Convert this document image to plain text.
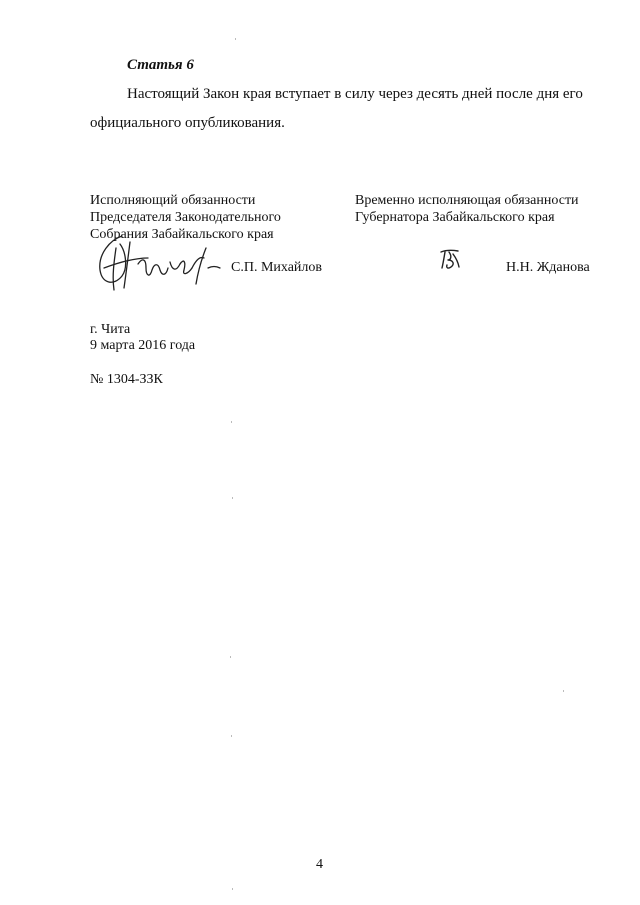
Статья 6
Настоящий Закон края вступает в силу через десять дней после дня его
официального опубликования.
Исполняющий обязанности
Председателя Законодательного
Собрания Забайкальского края
С.П. Михайлов
Временно исполняющая обязанности
Губернатора Забайкальского края
Н.Н. Жданова
г. Чита
9 марта 2016 года
№ 1304-ЗЗК
4
